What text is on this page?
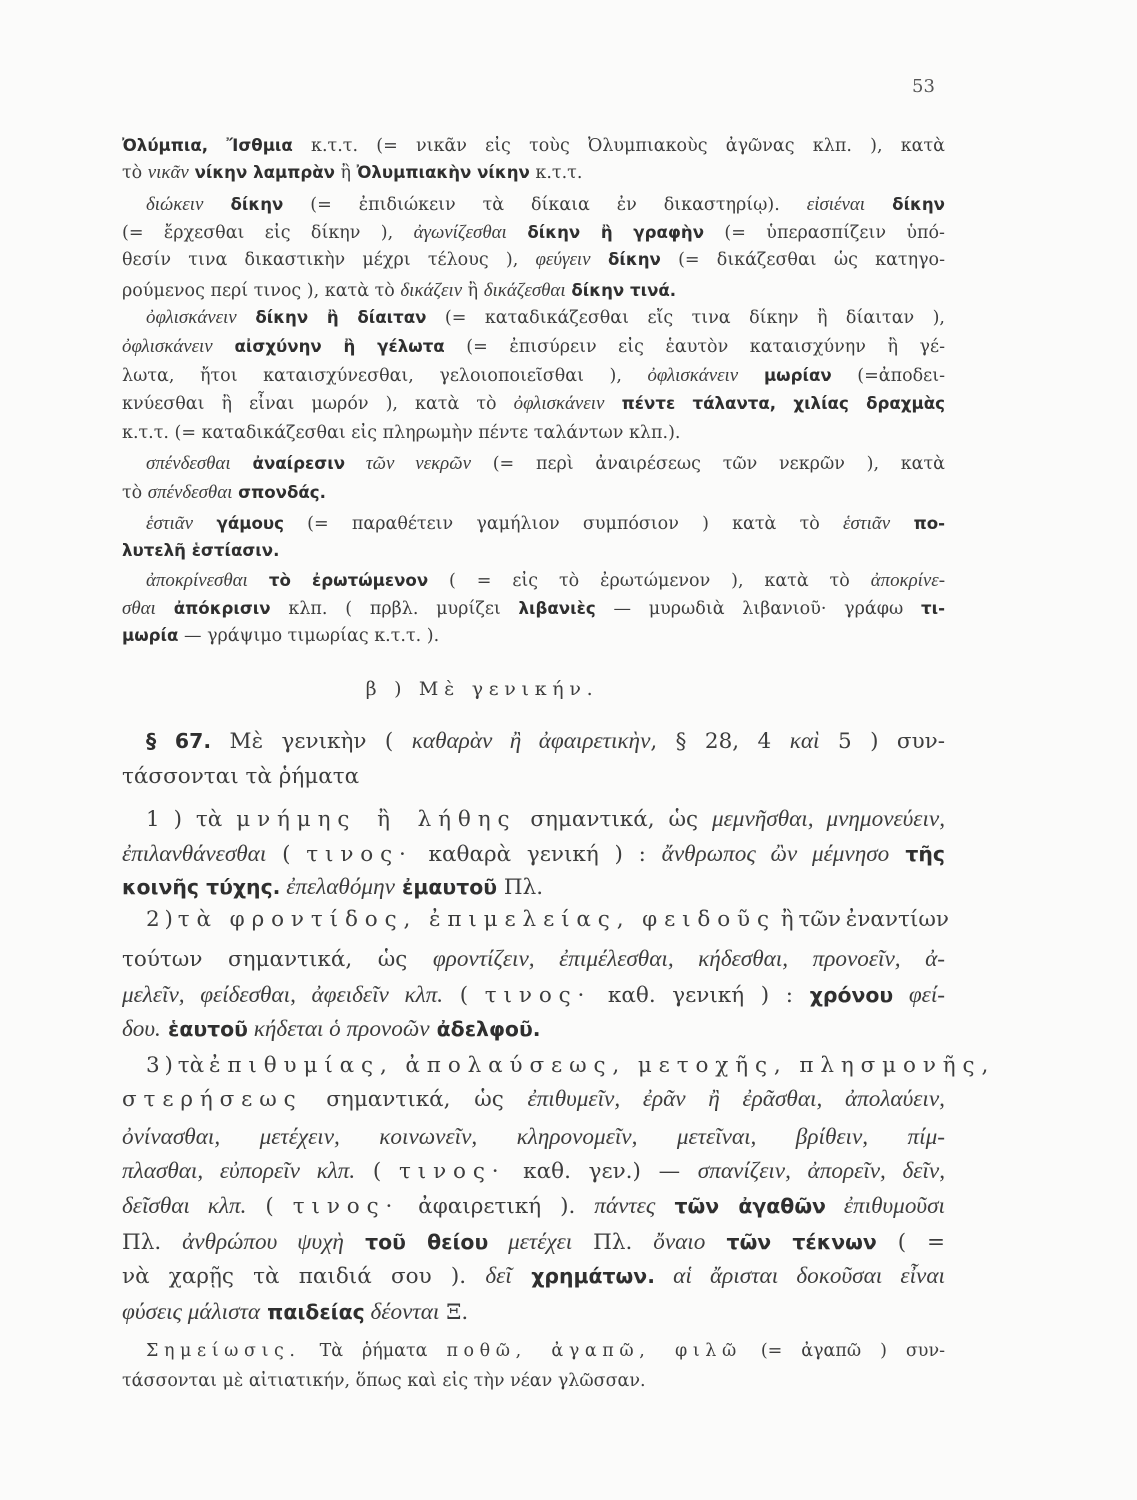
53
Ὀλύμπια, Ἴσθμια κ.τ.τ. (= νικᾶν εἰς τοὺς Ὀλυμπιακοὺς ἀγῶνας κλπ. ), κατὰ
τὸ νικᾶν νίκην λαμπρὰν ἢ Ὀλυμπιακὴν νίκην κ.τ.τ.
διώκειν δίκην (= ἐπιδιώκειν τὰ δίκαια ἐν δικαστηρίῳ). εἰσιέναι δίκην
(= ἔρχεσθαι εἰς δίκην ), ἀγωνίζεσθαι δίκην ἢ γραφὴν (= ὑπερασπίζειν ὑπό-
θεσίν τινα δικαστικὴν μέχρι τέλους ), φεύγειν δίκην (= δικάζεσθαι ὡς κατηγο-
ρούμενος περί τινος ), κατὰ τὸ δικάζειν ἢ δικάζεσθαι δίκην τινά.
ὀφλισκάνειν δίκην ἢ δίαιταν (= καταδικάζεσθαι εἴς τινα δίκην ἢ δίαιταν ),
ὀφλισκάνειν αἰσχύνην ἢ γέλωτα (= ἐπισύρειν εἰς ἑαυτὸν καταισχύνην ἢ γέ-
λωτα, ἤτοι καταισχύνεσθαι, γελοιοποιεῖσθαι ), ὀφλισκάνειν μωρίαν (=ἀποδει-
κνύεσθαι ἢ εἶναι μωρόν ), κατὰ τὸ ὀφλισκάνειν πέντε τάλαντα, χιλίας δραχμὰς
κ.τ.τ. (= καταδικάζεσθαι εἰς πληρωμὴν πέντε ταλάντων κλπ.).
σπένδεσθαι ἀναίρεσιν τῶν νεκρῶν (= περὶ ἀναιρέσεως τῶν νεκρῶν ), κατὰ
τὸ σπένδεσθαι σπονδάς.
ἑστιᾶν γάμους (= παραθέτειν γαμήλιον συμπόσιον ) κατὰ τὸ ἑστιᾶν πο-
λυτελῆ ἑστίασιν.
ἀποκρίνεσθαι τὸ ἐρωτώμενον ( = εἰς τὸ ἐρωτώμενον ), κατὰ τὸ ἀποκρίνε-
σθαι ἀπόκρισιν κλπ. ( πρβλ. μυρίζει λιβανιὲς — μυρωδιὰ λιβανιοῦ· γράφω τι-
μωρία — γράψιμο τιμωρίας κ.τ.τ. ).
β ) Μὲ γενικήν.
§ 67. Μὲ γενικὴν ( καθαρὰν ἢ ἀφαιρετικὴν, § 28, 4 καὶ 5 ) συν-
τάσσονται τὰ ῥήματα
1 ) τὰ μνήμης ἢ λήθης σημαντικά, ὡς μεμνῆσθαι, μνημονεύειν,
ἐπιλανθάνεσθαι ( τινος· καθαρὰ γενική ) : ἄνθρωπος ὢν μέμνησο τῆς
κοινῆς τύχης. ἐπελαθόμην ἐμαυτοῦ Πλ.
2 ) τὰ φροντίδος, ἐπιμελείας, φειδοῦς ἢ τῶν ἐναντίων
τούτων σημαντικά, ὡς φροντίζειν, ἐπιμέλεσθαι, κήδεσθαι, προνοεῖν, ἀ-
μελεῖν, φείδεσθαι, ἀφειδεῖν κλπ. ( τινος· καθ. γενική ) : χρόνου φεί-
δου. ἑαυτοῦ κήδεται ὁ προνοῶν ἀδελφοῦ.
3 ) τὰ ἐπιθυμίας, ἀπολαύσεως, μετοχῆς, πλησμονῆς,
στερήσεως σημαντικά, ὡς ἐπιθυμεῖν, ἐρᾶν ἢ ἐρᾶσθαι, ἀπολαύειν,
ὀνίνασθαι, μετέχειν, κοινωνεῖν, κληρονομεῖν, μετεῖναι, βρίθειν, πίμ-
πλασθαι, εὐπορεῖν κλπ. ( τινος· καθ. γεν.) — σπανίζειν, ἀπορεῖν, δεῖν,
δεῖσθαι κλπ. ( τινος· ἀφαιρετική ). πάντες τῶν ἀγαθῶν ἐπιθυμοῦσι
Πλ. ἀνθρώπου ψυχὴ τοῦ θείου μετέχει Πλ. ὄναιο τῶν τέκνων ( =
νὰ χαρῇς τὰ παιδιά σου ). δεῖ χρημάτων. αἱ ἄρισται δοκοῦσαι εἶναι
φύσεις μάλιστα παιδείας δέονται Ξ.
Σημείωσις. Τὰ ῥήματα ποθῶ, ἀγαπῶ, φιλῶ (= ἀγαπῶ ) συν-
τάσσονται μὲ αἰτιατικήν, ὅπως καὶ εἰς τὴν νέαν γλῶσσαν.
